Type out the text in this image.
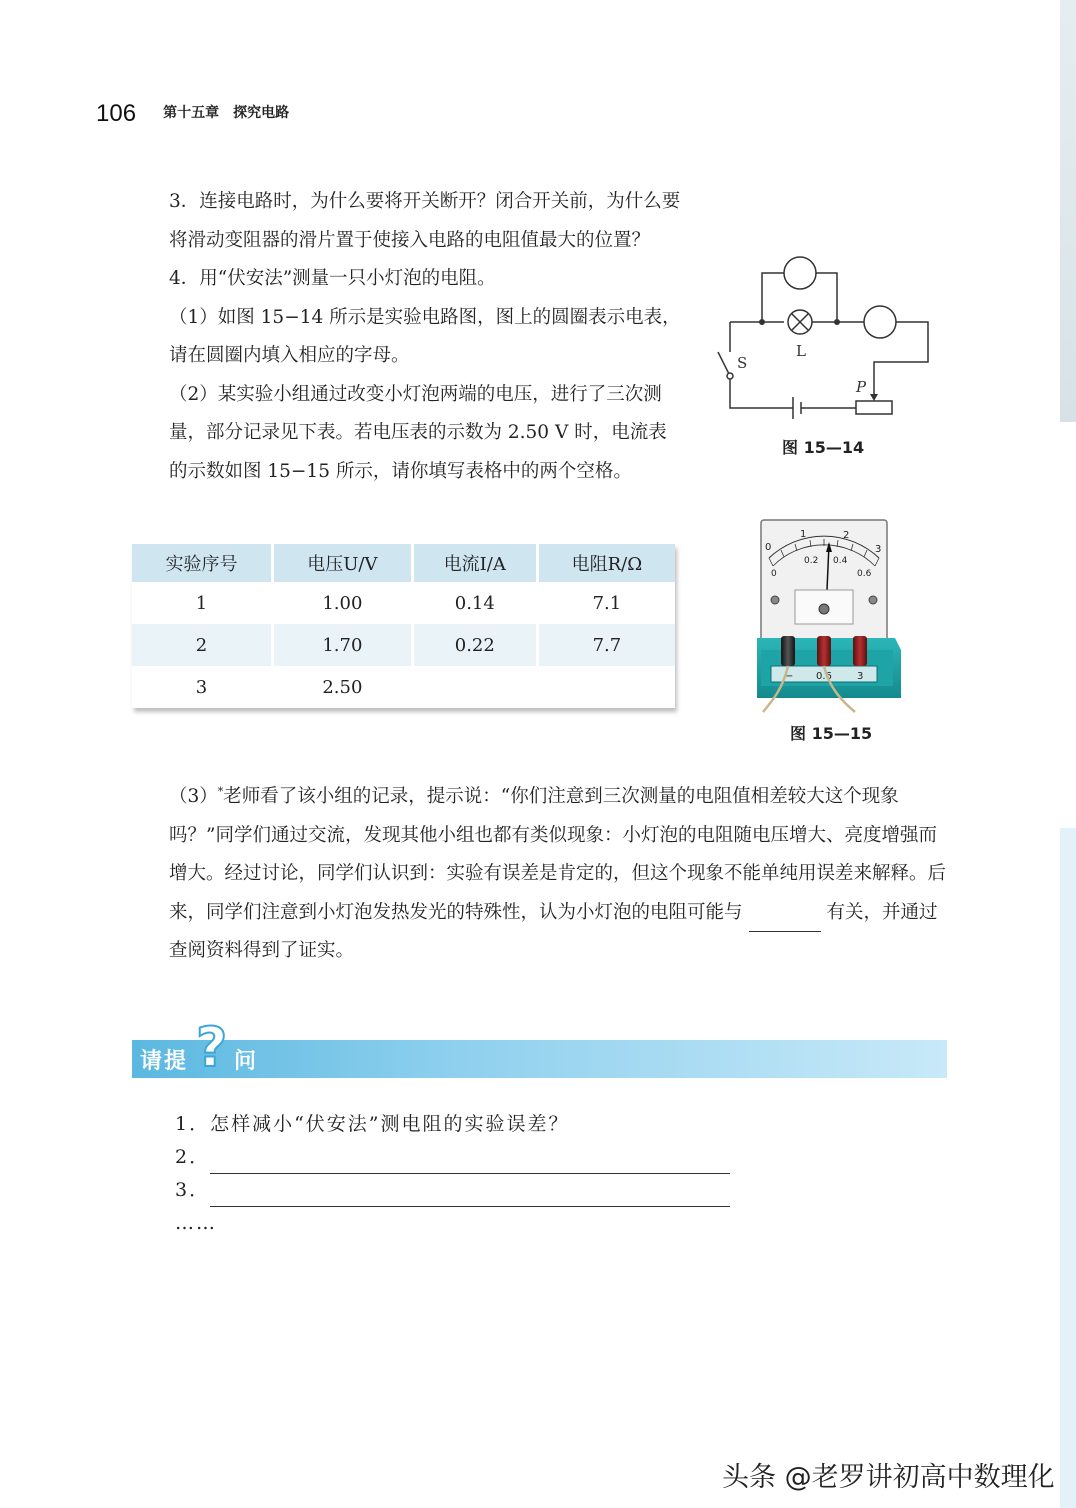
106 第十五章　探究电路
3．连接电路时，为什么要将开关断开？闭合开关前，为什么要将滑动变阻器的滑片置于使接入电路的电阻值最大的位置？
4．用“伏安法”测量一只小灯泡的电阻。
（1）如图 15−14 所示是实验电路图，图上的圆圈表示电表，请在圆圈内填入相应的字母。
（2）某实验小组通过改变小灯泡两端的电压，进行了三次测量，部分记录见下表。若电压表的示数为 2.50 V 时，电流表的示数如图 15−15 所示，请你填写表格中的两个空格。
实验序号	电压U/V	电流I/A	电阻R/Ω
1	1.00	0.14	7.1
2	1.70	0.22	7.7
3	2.50		
S
L
P
图 15—14
0
1	2
3
0
0.2 0.4
0.6
− 0.6	3
图 15—15
（3）*老师看了该小组的记录，提示说：“你们注意到三次测量的电阻值相差较大这个现象吗？”同学们通过交流，发现其他小组也都有类似现象：小灯泡的电阻随电压增大、亮度增强而增大。经过讨论，同学们认识到：实验有误差是肯定的，但这个现象不能单纯用误差来解释。后来，同学们注意到小灯泡发热发光的特殊性，认为小灯泡的电阻可能与	有关，并通过查阅资料得到了证实。
请提 ? 问
1．怎样减小“伏安法”测电阻的实验误差？
2．
3．
……
头条 @老罗讲初高中数理化
